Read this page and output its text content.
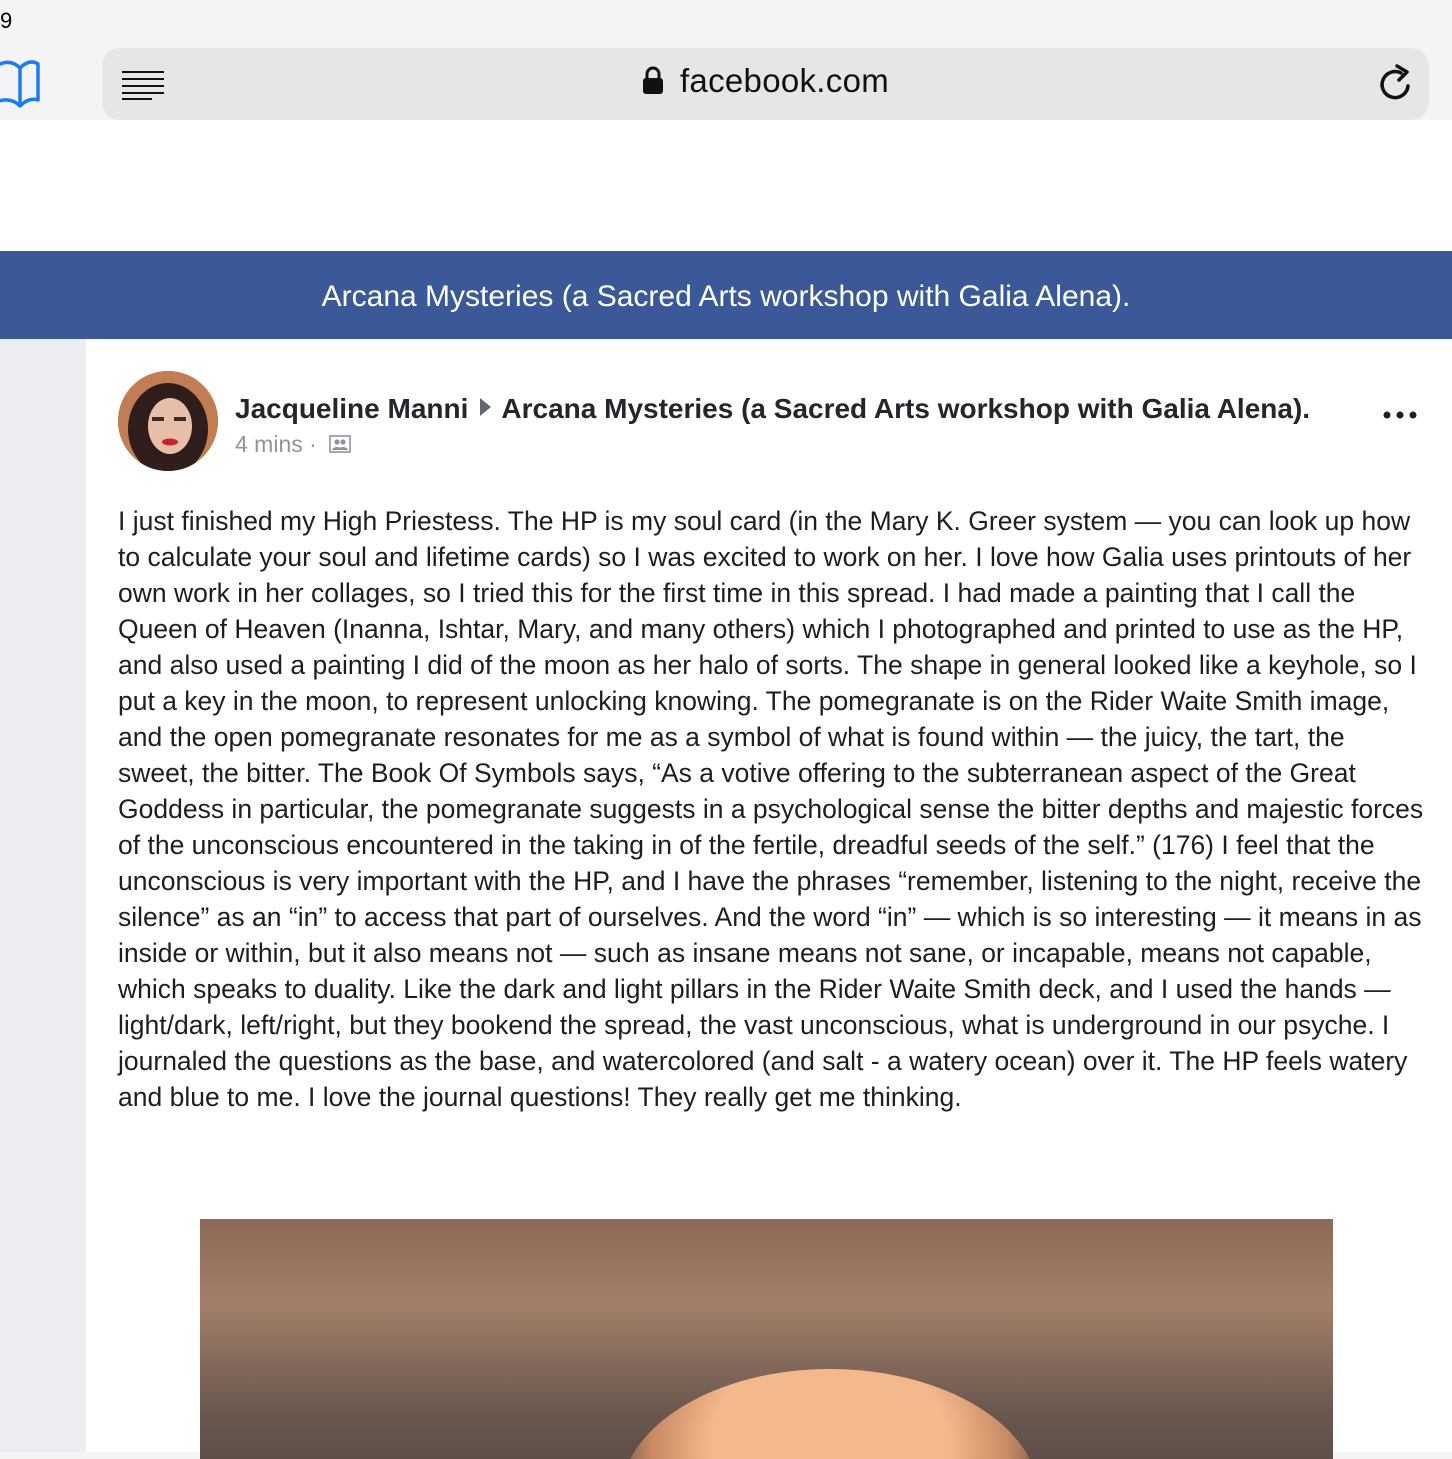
9
facebook.com
Arcana Mysteries (a Sacred Arts workshop with Galia Alena).
Jacqueline Manni Arcana Mysteries (a Sacred Arts workshop with Galia Alena).
4 mins ·

I just finished my High Priestess. The HP is my soul card (in the Mary K. Greer system — you can look up how to calculate your soul and lifetime cards) so I was excited to work on her. I love how Galia uses printouts of her own work in her collages, so I tried this for the first time in this spread. I had made a painting that I call the Queen of Heaven (Inanna, Ishtar, Mary, and many others) which I photographed and printed to use as the HP, and also used a painting I did of the moon as her halo of sorts. The shape in general looked like a keyhole, so I put a key in the moon, to represent unlocking knowing. The pomegranate is on the Rider Waite Smith image, and the open pomegranate resonates for me as a symbol of what is found within — the juicy, the tart, the sweet, the bitter. The Book Of Symbols says, “As a votive offering to the subterranean aspect of the Great Goddess in particular, the pomegranate suggests in a psychological sense the bitter depths and majestic forces of the unconscious encountered in the taking in of the fertile, dreadful seeds of the self.” (176) I feel that the unconscious is very important with the HP, and I have the phrases “remember, listening to the night, receive the silence” as an “in” to access that part of ourselves. And the word “in” — which is so interesting — it means in as inside or within, but it also means not — such as insane means not sane, or incapable, means not capable, which speaks to duality. Like the dark and light pillars in the Rider Waite Smith deck, and I used the hands — light/dark, left/right, but they bookend the spread, the vast unconscious, what is underground in our psyche. I journaled the questions as the base, and watercolored (and salt - a watery ocean) over it. The HP feels watery and blue to me. I love the journal questions! They really get me thinking.
